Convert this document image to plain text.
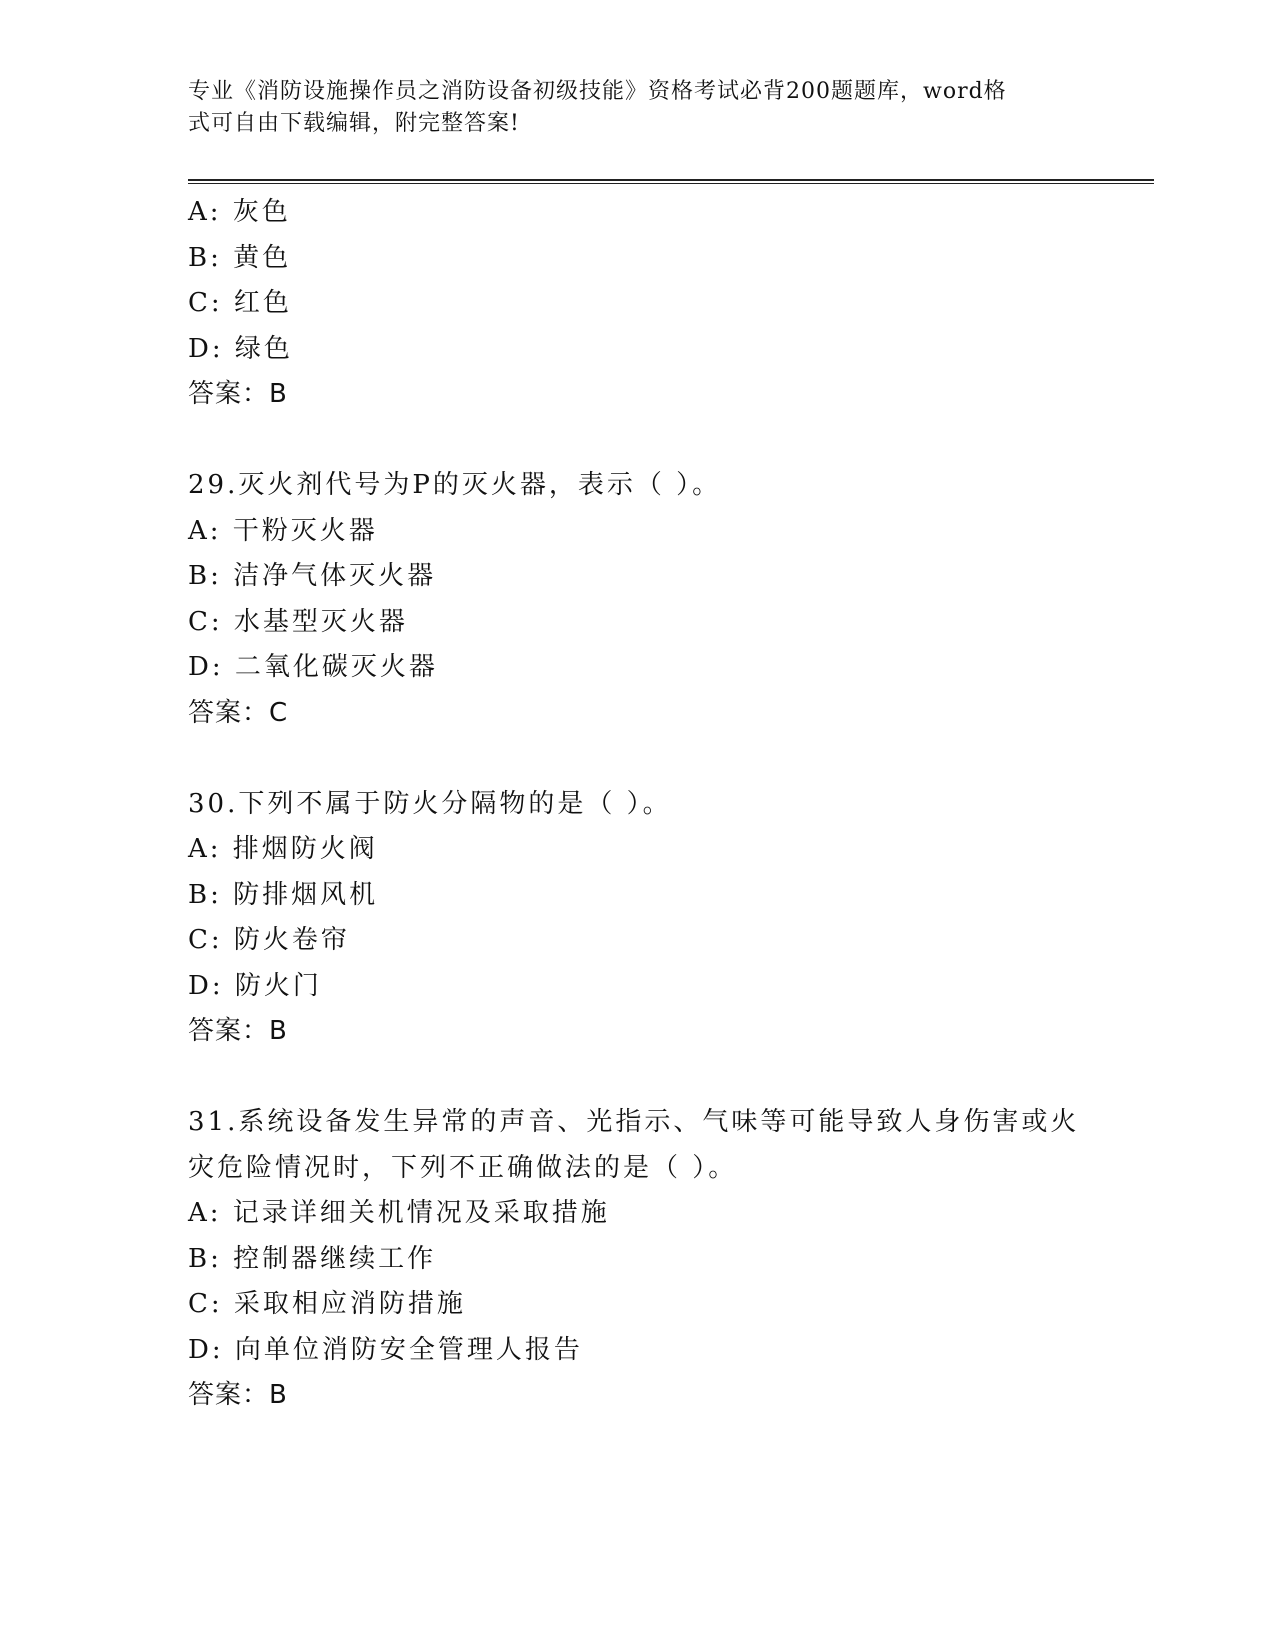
专业《消防设施操作员之消防设备初级技能》资格考试必背200题题库，word格
式可自由下载编辑，附完整答案!
A: 灰色
B: 黄色
C: 红色
D: 绿色
答案：B
29.灭火剂代号为P的灭火器，表示（ ）。
A: 干粉灭火器
B: 洁净气体灭火器
C: 水基型灭火器
D: 二氧化碳灭火器
答案：C
30.下列不属于防火分隔物的是（ ）。
A: 排烟防火阀
B: 防排烟风机
C: 防火卷帘
D: 防火门
答案：B
31.系统设备发生异常的声音、光指示、气味等可能导致人身伤害或火灾危险情况时，下列不正确做法的是（ ）。
A: 记录详细关机情况及采取措施
B: 控制器继续工作
C: 采取相应消防措施
D: 向单位消防安全管理人报告
答案：B
